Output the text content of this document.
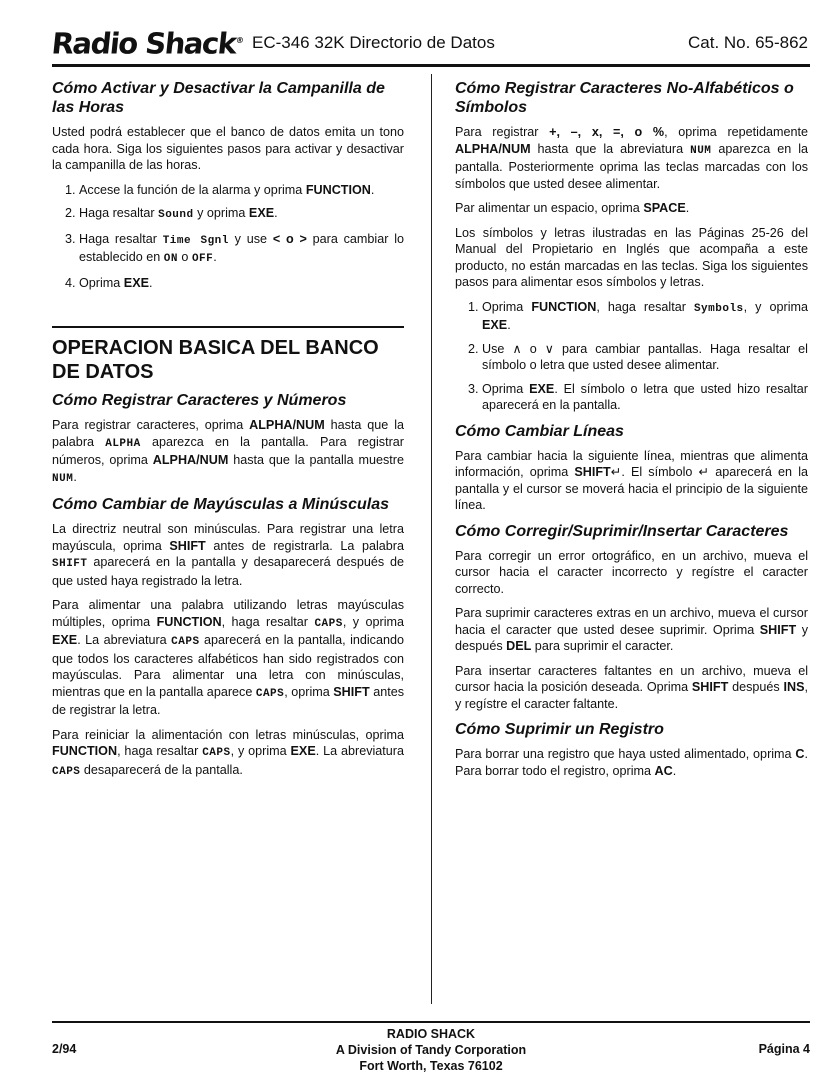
Radio Shack® EC-346 32K Directorio de Datos	Cat. No. 65-862
Cómo Activar y Desactivar la Campanilla de las Horas

Usted podrá establecer que el banco de datos emita un tono cada hora. Siga los siguientes pasos para activar y desactivar la campanilla de las horas.

1. Accese la función de la alarma y oprima FUNCTION.
2. Haga resaltar Sound y oprima EXE.
3. Haga resaltar Time Sgnl y use < o > para cambiar lo establecido en ON o OFF.
4. Oprima EXE.
OPERACION BASICA DEL BANCO DE DATOS
Cómo Registrar Caracteres y Números

Para registrar caracteres, oprima ALPHA/NUM hasta que la palabra ALPHA aparezca en la pantalla. Para registrar números, oprima ALPHA/NUM hasta que la pantalla muestre NUM.

Cómo Cambiar de Mayúsculas a Minúsculas

La directriz neutral son minúsculas. Para registrar una letra mayúscula, oprima SHIFT antes de registrarla. La palabra SHIFT aparecerá en la pantalla y desaparecerá después de que usted haya registrado la letra.

Para alimentar una palabra utilizando letras mayúsculas múltiples, oprima FUNCTION, haga resaltar CAPS, y oprima EXE. La abreviatura CAPS aparecerá en la pantalla, indicando que todos los caracteres alfabéticos han sido registrados con mayúsculas. Para alimentar una letra con minúsculas, mientras que en la pantalla aparece CAPS, oprima SHIFT antes de registrar la letra.

Para reiniciar la alimentación con letras minúsculas, oprima FUNCTION, haga resaltar CAPS, y oprima EXE. La abreviatura CAPS desaparecerá de la pantalla.

Cómo Registrar Caracteres No-Alfabéticos o Símbolos

Para registrar +, –, x, =, o %, oprima repetidamente ALPHA/NUM hasta que la abreviatura NUM aparezca en la pantalla. Posteriormente oprima las teclas marcadas con los símbolos que usted desee alimentar.

Par alimentar un espacio, oprima SPACE.

Los símbolos y letras ilustradas en las Páginas 25-26 del Manual del Propietario en Inglés que acompaña a este producto, no están marcadas en las teclas. Siga los siguientes pasos para alimentar esos símbolos y letras.

1. Oprima FUNCTION, haga resaltar Symbols, y oprima EXE.
2. Use ∧ o ∨ para cambiar pantallas. Haga resaltar el símbolo o letra que usted desee alimentar.
3. Oprima EXE. El símbolo o letra que usted hizo resaltar aparecerá en la pantalla.
Cómo Cambiar Líneas

Para cambiar hacia la siguiente línea, mientras que alimenta información, oprima SHIFT↵. El símbolo ↵ aparecerá en la pantalla y el cursor se moverá hacia el principio de la siguiente línea.

Cómo Corregir/Suprimir/Insertar Caracteres

Para corregir un error ortográfico, en un archivo, mueva el cursor hacia el caracter incorrecto y regístre el caracter correcto.

Para suprimir caracteres extras en un archivo, mueva el cursor hacia el caracter que usted desee suprimir. Oprima SHIFT y después DEL para suprimir el caracter.

Para insertar caracteres faltantes en un archivo, mueva el cursor hacia la posición deseada. Oprima SHIFT después INS, y regístre el caracter faltante.

Cómo Suprimir un Registro

Para borrar una registro que haya usted alimentado, oprima C. Para borrar todo el registro, oprima AC.

2/94
RADIO SHACK
A Division of Tandy Corporation
Fort Worth, Texas 76102
Página 4
